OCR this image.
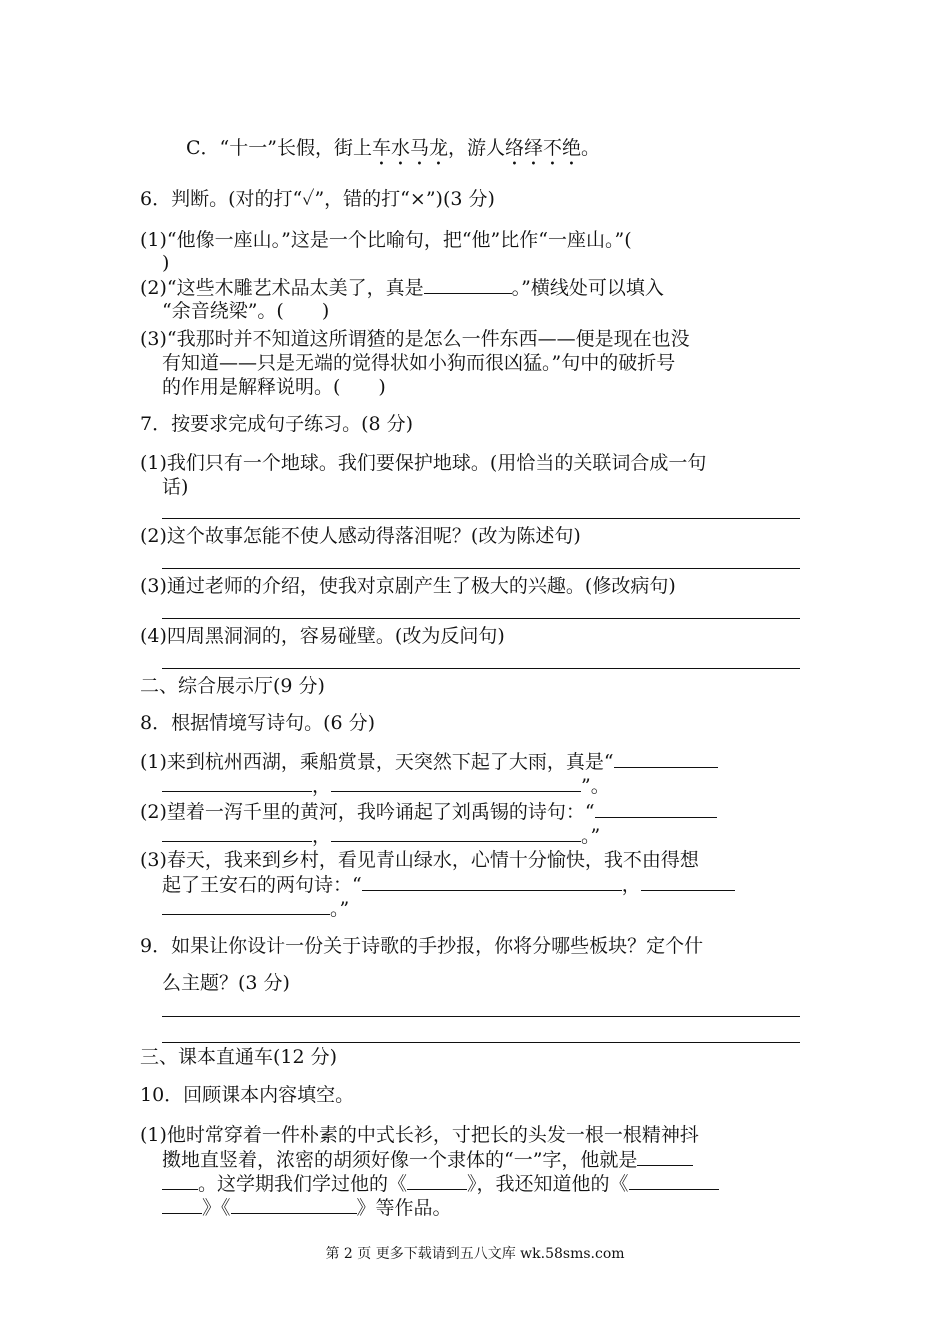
C．“十一”长假，街上车水马龙，游人络绎不绝。
6．判断。(对的打“✓”，错的打“×”)(3 分)
(1)“他像一座山。”这是一个比喻句，把“他”比作“一座山。”(
)
(2)“这些木雕艺术品太美了，真是	。”横线处可以填入
“余音绕梁”。(　　)
(3)“我那时并不知道这所谓猹的是怎么一件东西——便是现在也没
有知道——只是无端的觉得状如小狗而很凶猛。”句中的破折号
的作用是解释说明。(　　)
7．按要求完成句子练习。(8 分)
(1)我们只有一个地球。我们要保护地球。(用恰当的关联词合成一句
话)
(2)这个故事怎能不使人感动得落泪呢？(改为陈述句)
(3)通过老师的介绍，使我对京剧产生了极大的兴趣。(修改病句)
(4)四周黑洞洞的，容易碰壁。(改为反问句)
二、综合展示厅(9 分)
8．根据情境写诗句。(6 分)
(1)来到杭州西湖，乘船赏景，天突然下起了大雨，真是“
，	”。
(2)望着一泻千里的黄河，我吟诵起了刘禹锡的诗句：“
，	。”
(3)春天，我来到乡村，看见青山绿水，心情十分愉快，我不由得想
起了王安石的两句诗：“	，
。”
9．如果让你设计一份关于诗歌的手抄报，你将分哪些板块？定个什
么主题？(3 分)
三、课本直通车(12 分)
10．回顾课本内容填空。
(1)他时常穿着一件朴素的中式长衫，寸把长的头发一根一根精神抖
擞地直竖着，浓密的胡须好像一个隶体的“一”字，他就是
。这学期我们学过他的《	》，我还知道他的《
》《	》等作品。
第 2 页 更多下载请到五八文库 wk.58sms.com
